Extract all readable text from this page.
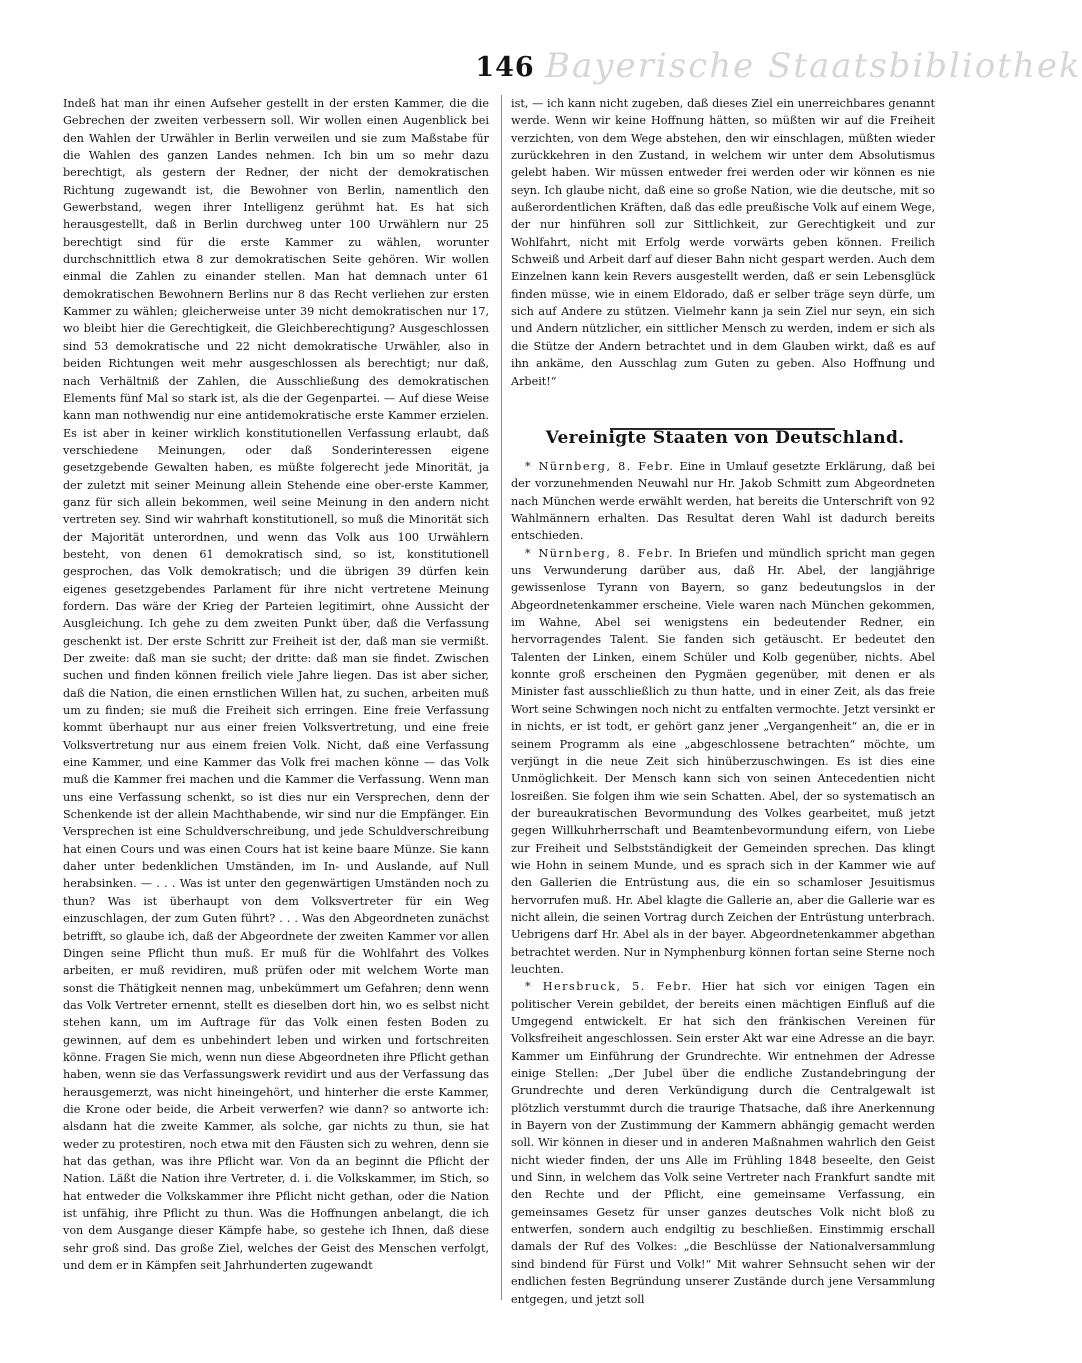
Bayerische Staatsbibliothek
146

Indeß hat man ihr einen Aufseher gestellt in der ersten Kammer, die die Gebrechen der zweiten verbessern soll. Wir wollen einen Augenblick bei den Wahlen der Urwähler in Berlin verweilen und sie zum Maßstabe für die Wahlen des ganzen Landes nehmen. Ich bin um so mehr dazu berechtigt, als gestern der Redner, der nicht der demokratischen Richtung zugewandt ist, die Bewohner von Berlin, namentlich den Gewerbstand, wegen ihrer Intelligenz gerühmt hat. Es hat sich herausgestellt, daß in Berlin durchweg unter 100 Urwählern nur 25 berechtigt sind für die erste Kammer zu wählen, worunter durchschnittlich etwa 8 zur demokratischen Seite gehören. Wir wollen einmal die Zahlen zu einander stellen. Man hat demnach unter 61 demokratischen Bewohnern Berlins nur 8 das Recht verliehen zur ersten Kammer zu wählen; gleicherweise unter 39 nicht demokratischen nur 17, wo bleibt hier die Gerechtigkeit, die Gleichberechtigung? Ausgeschlossen sind 53 demokratische und 22 nicht demokratische Urwähler, also in beiden Richtungen weit mehr ausgeschlossen als berechtigt; nur daß, nach Verhältniß der Zahlen, die Ausschließung des demokratischen Elements fünf Mal so stark ist, als die der Gegenpartei. — Auf diese Weise kann man nothwendig nur eine antidemokratische erste Kammer erzielen. Es ist aber in keiner wirklich konstitutionellen Verfassung erlaubt, daß verschiedene Meinungen, oder daß Sonderinteressen eigene gesetzgebende Gewalten haben, es müßte folgerecht jede Minorität, ja der zuletzt mit seiner Meinung allein Stehende eine ober-erste Kammer, ganz für sich allein bekommen, weil seine Meinung in den andern nicht vertreten sey. Sind wir wahrhaft konstitutionell, so muß die Minorität sich der Majorität unterordnen, und wenn das Volk aus 100 Urwählern besteht, von denen 61 demokratisch sind, so ist, konstitutionell gesprochen, das Volk demokratisch; und die übrigen 39 dürfen kein eigenes gesetzgebendes Parlament für ihre nicht vertretene Meinung fordern. Das wäre der Krieg der Parteien legitimirt, ohne Aussicht der Ausgleichung. Ich gehe zu dem zweiten Punkt über, daß die Verfassung geschenkt ist. Der erste Schritt zur Freiheit ist der, daß man sie vermißt. Der zweite: daß man sie sucht; der dritte: daß man sie findet. Zwischen suchen und finden können freilich viele Jahre liegen. Das ist aber sicher, daß die Nation, die einen ernstlichen Willen hat, zu suchen, arbeiten muß um zu finden; sie muß die Freiheit sich erringen. Eine freie Verfassung kommt überhaupt nur aus einer freien Volksvertretung, und eine freie Volksvertretung nur aus einem freien Volk. Nicht, daß eine Verfassung eine Kammer, und eine Kammer das Volk frei machen könne — das Volk muß die Kammer frei machen und die Kammer die Verfassung. Wenn man uns eine Verfassung schenkt, so ist dies nur ein Versprechen, denn der Schenkende ist der allein Machthabende, wir sind nur die Empfänger. Ein Versprechen ist eine Schuldverschreibung, und jede Schuldverschreibung hat einen Cours und was einen Cours hat ist keine baare Münze. Sie kann daher unter bedenklichen Umständen, im In- und Auslande, auf Null herabsinken. — . . . Was ist unter den gegenwärtigen Umständen noch zu thun? Was ist überhaupt von dem Volksvertreter für ein Weg einzuschlagen, der zum Guten führt? . . . Was den Abgeordneten zunächst betrifft, so glaube ich, daß der Abgeordnete der zweiten Kammer vor allen Dingen seine Pflicht thun muß. Er muß für die Wohlfahrt des Volkes arbeiten, er muß revidiren, muß prüfen oder mit welchem Worte man sonst die Thätigkeit nennen mag, unbekümmert um Gefahren; denn wenn das Volk Vertreter ernennt, stellt es dieselben dort hin, wo es selbst nicht stehen kann, um im Auftrage für das Volk einen festen Boden zu gewinnen, auf dem es unbehindert leben und wirken und fortschreiten könne. Fragen Sie mich, wenn nun diese Abgeordneten ihre Pflicht gethan haben, wenn sie das Verfassungswerk revidirt und aus der Verfassung das herausgemerzt, was nicht hineingehört, und hinterher die erste Kammer, die Krone oder beide, die Arbeit verwerfen? wie dann? so antworte ich: alsdann hat die zweite Kammer, als solche, gar nichts zu thun, sie hat weder zu protestiren, noch etwa mit den Fäusten sich zu wehren, denn sie hat das gethan, was ihre Pflicht war. Von da an beginnt die Pflicht der Nation. Läßt die Nation ihre Vertreter, d. i. die Volkskammer, im Stich, so hat entweder die Volkskammer ihre Pflicht nicht gethan, oder die Nation ist unfähig, ihre Pflicht zu thun. Was die Hoffnungen anbelangt, die ich von dem Ausgange dieser Kämpfe habe, so gestehe ich Ihnen, daß diese sehr groß sind. Das große Ziel, welches der Geist des Menschen verfolgt, und dem er in Kämpfen seit Jahrhunderten zugewandt

ist, — ich kann nicht zugeben, daß dieses Ziel ein unerreichbares genannt werde. Wenn wir keine Hoffnung hätten, so müßten wir auf die Freiheit verzichten, von dem Wege abstehen, den wir einschlagen, müßten wieder zurückkehren in den Zustand, in welchem wir unter dem Absolutismus gelebt haben. Wir müssen entweder frei werden oder wir können es nie seyn. Ich glaube nicht, daß eine so große Nation, wie die deutsche, mit so außerordentlichen Kräften, daß das edle preußische Volk auf einem Wege, der nur hinführen soll zur Sittlichkeit, zur Gerechtigkeit und zur Wohlfahrt, nicht mit Erfolg werde vorwärts geben können. Freilich Schweiß und Arbeit darf auf dieser Bahn nicht gespart werden. Auch dem Einzelnen kann kein Revers ausgestellt werden, daß er sein Lebensglück finden müsse, wie in einem Eldorado, daß er selber träge seyn dürfe, um sich auf Andere zu stützen. Vielmehr kann ja sein Ziel nur seyn, ein sich und Andern nützlicher, ein sittlicher Mensch zu werden, indem er sich als die Stütze der Andern betrachtet und in dem Glauben wirkt, daß es auf ihn ankäme, den Ausschlag zum Guten zu geben. Also Hoffnung und Arbeit!“

Vereinigte Staaten von Deutschland.

* Nürnberg, 8. Febr. Eine in Umlauf gesetzte Erklärung, daß bei der vorzunehmenden Neuwahl nur Hr. Jakob Schmitt zum Abgeordneten nach München werde erwählt werden, hat bereits die Unterschrift von 92 Wahlmännern erhalten. Das Resultat deren Wahl ist dadurch bereits entschieden.

* Nürnberg, 8. Febr. In Briefen und mündlich spricht man gegen uns Verwunderung darüber aus, daß Hr. Abel, der langjährige gewissenlose Tyrann von Bayern, so ganz bedeutungslos in der Abgeordnetenkammer erscheine. Viele waren nach München gekommen, im Wahne, Abel sei wenigstens ein bedeutender Redner, ein hervorragendes Talent. Sie fanden sich getäuscht. Er bedeutet den Talenten der Linken, einem Schüler und Kolb gegenüber, nichts. Abel konnte groß erscheinen den Pygmäen gegenüber, mit denen er als Minister fast ausschließlich zu thun hatte, und in einer Zeit, als das freie Wort seine Schwingen noch nicht zu entfalten vermochte. Jetzt versinkt er in nichts, er ist todt, er gehört ganz jener „Vergangenheit“ an, die er in seinem Programm als eine „abgeschlossene betrachten“ möchte, um verjüngt in die neue Zeit sich hinüberzuschwingen. Es ist dies eine Unmöglichkeit. Der Mensch kann sich von seinen Antecedentien nicht losreißen. Sie folgen ihm wie sein Schatten. Abel, der so systematisch an der bureaukratischen Bevormundung des Volkes gearbeitet, muß jetzt gegen Willkuhrherrschaft und Beamtenbevormundung eifern, von Liebe zur Freiheit und Selbstständigkeit der Gemeinden sprechen. Das klingt wie Hohn in seinem Munde, und es sprach sich in der Kammer wie auf den Gallerien die Entrüstung aus, die ein so schamloser Jesuitismus hervorrufen muß. Hr. Abel klagte die Gallerie an, aber die Gallerie war es nicht allein, die seinen Vortrag durch Zeichen der Entrüstung unterbrach. Uebrigens darf Hr. Abel als in der bayer. Abgeordnetenkammer abgethan betrachtet werden. Nur in Nymphenburg können fortan seine Sterne noch leuchten.

* Hersbruck, 5. Febr. Hier hat sich vor einigen Tagen ein politischer Verein gebildet, der bereits einen mächtigen Einfluß auf die Umgegend entwickelt. Er hat sich den fränkischen Vereinen für Volksfreiheit angeschlossen. Sein erster Akt war eine Adresse an die bayr. Kammer um Einführung der Grundrechte. Wir entnehmen der Adresse einige Stellen: „Der Jubel über die endliche Zustandebringung der Grundrechte und deren Verkündigung durch die Centralgewalt ist plötzlich verstummt durch die traurige Thatsache, daß ihre Anerkennung in Bayern von der Zustimmung der Kammern abhängig gemacht werden soll. Wir können in dieser und in anderen Maßnahmen wahrlich den Geist nicht wieder finden, der uns Alle im Frühling 1848 beseelte, den Geist und Sinn, in welchem das Volk seine Vertreter nach Frankfurt sandte mit den Rechte und der Pflicht, eine gemeinsame Verfassung, ein gemeinsames Gesetz für unser ganzes deutsches Volk nicht bloß zu entwerfen, sondern auch endgiltig zu beschließen. Einstimmig erschall damals der Ruf des Volkes: „die Beschlüsse der Nationalversammlung sind bindend für Fürst und Volk!“ Mit wahrer Sehnsucht sehen wir der endlichen festen Begründung unserer Zustände durch jene Versammlung entgegen, und jetzt soll
